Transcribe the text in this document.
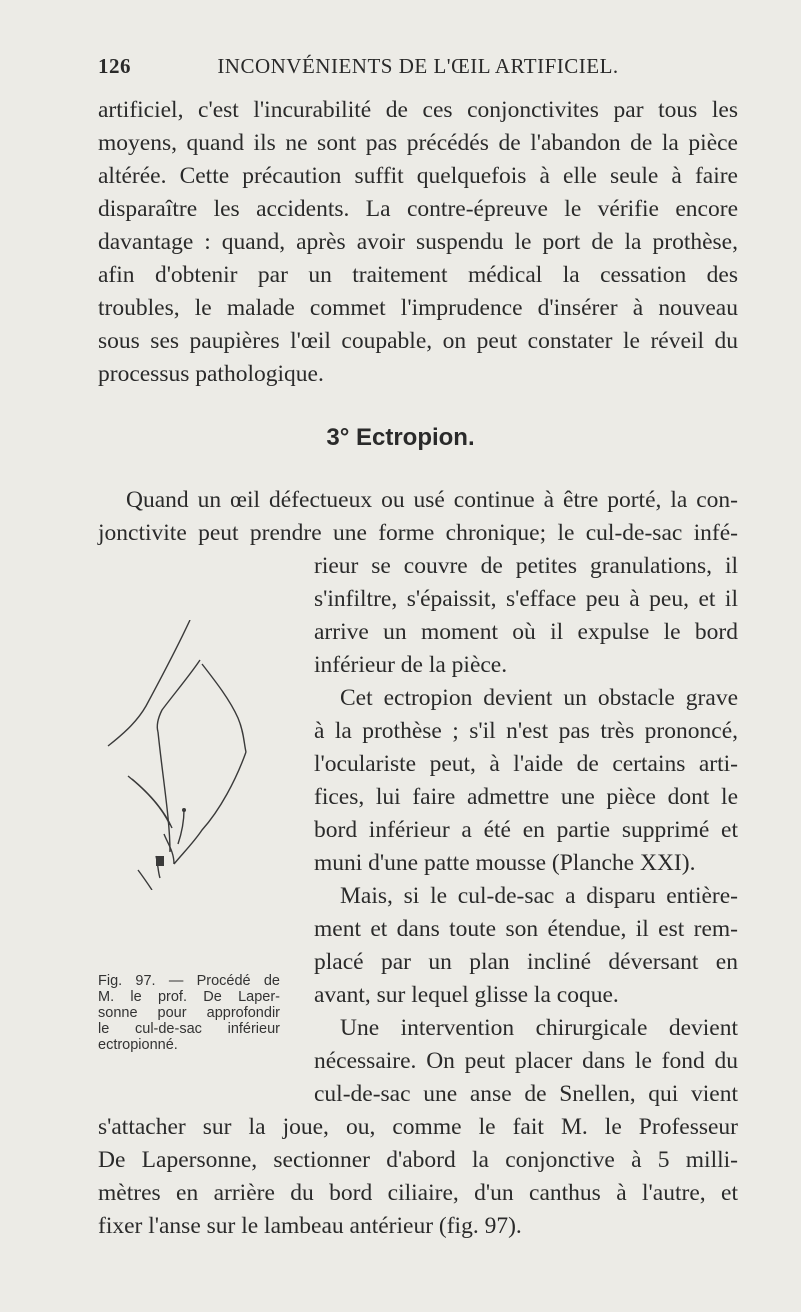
126	INCONVÉNIENTS DE L'ŒIL ARTIFICIEL.
artificiel, c'est l'incurabilité de ces conjonctivites par tous les
moyens, quand ils ne sont pas précédés de l'abandon de la pièce
altérée. Cette précaution suffit quelquefois à elle seule à faire
disparaître les accidents. La contre-épreuve le vérifie encore
davantage : quand, après avoir suspendu le port de la prothèse,
afin d'obtenir par un traitement médical la cessation des
troubles, le malade commet l'imprudence d'insérer à nouveau
sous ses paupières l'œil coupable, on peut constater le réveil du
processus pathologique.
3° Ectropion.
Quand un œil défectueux ou usé continue à être porté, la con-
jonctivite peut prendre une forme chronique; le cul-de-sac infé-
rieur se couvre de petites granulations, il
s'infiltre, s'épaissit, s'efface peu à peu, et il
arrive un moment où il expulse le bord
inférieur de la pièce.
Cet ectropion devient un obstacle grave
à la prothèse ; s'il n'est pas très prononcé,
l'ocularistе peut, à l'aide de certains arti-
fices, lui faire admettre une pièce dont le
bord inférieur a été en partie supprimé et
muni d'une patte mousse (Planche XXI).
Mais, si le cul-de-sac a disparu entière-
ment et dans toute son étendue, il est rem-
placé par un plan incliné déversant en
avant, sur lequel glisse la coque.
Une intervention chirurgicale devient
nécessaire. On peut placer dans le fond du
cul-de-sac une anse de Snellen, qui vient
s'attacher sur la joue, ou, comme le fait M. le Professeur
De Lapersonne, sectionner d'abord la conjonctive à 5 milli-
mètres en arrière du bord ciliaire, d'un canthus à l'autre, et
fixer l'anse sur le lambeau antérieur (fig. 97).
Fig. 97. — Procédé de
M. le prof. De Laper-
sonne pour approfondir
le cul-de-sac inférieur
ectropionné.
